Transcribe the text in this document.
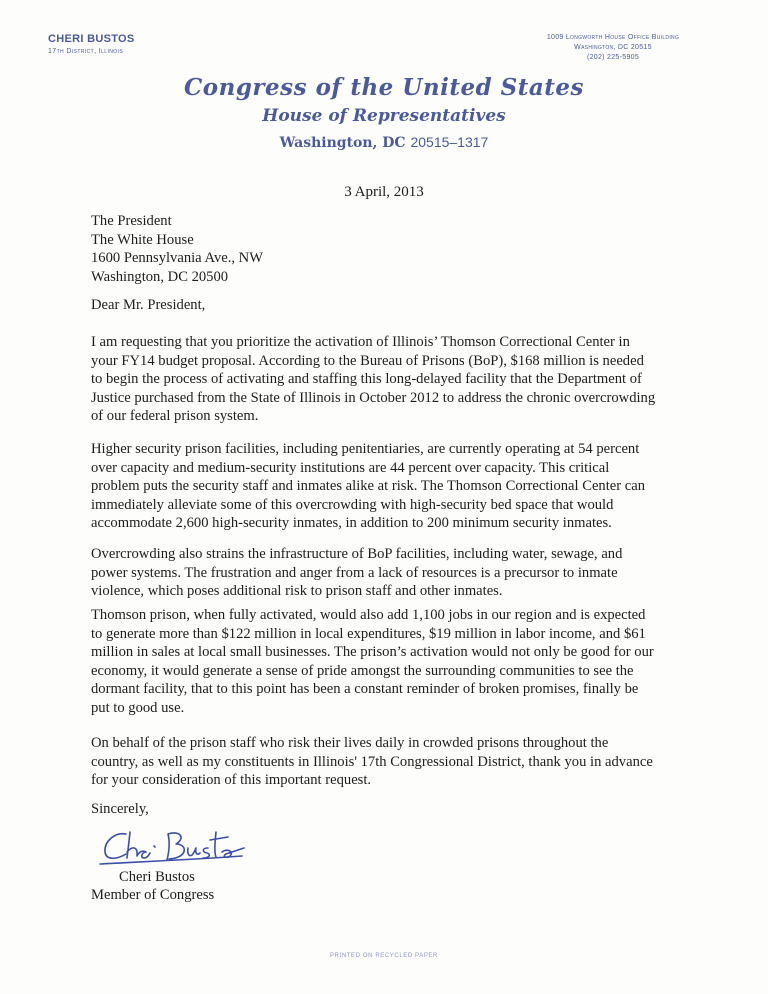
CHERI BUSTOS
17th District, Illinois
1009 Longworth House Office Building
Washington, DC 20515
(202) 225-5905
Congress of the United States
House of Representatives
Washington, DC 20515–1317
3 April, 2013
The President
The White House
1600 Pennsylvania Ave., NW
Washington, DC 20500
Dear Mr. President,
I am requesting that you prioritize the activation of Illinois’ Thomson Correctional Center in
your FY14 budget proposal. According to the Bureau of Prisons (BoP), $168 million is needed
to begin the process of activating and staffing this long-delayed facility that the Department of
Justice purchased from the State of Illinois in October 2012 to address the chronic overcrowding
of our federal prison system.
Higher security prison facilities, including penitentiaries, are currently operating at 54 percent
over capacity and medium-security institutions are 44 percent over capacity. This critical
problem puts the security staff and inmates alike at risk. The Thomson Correctional Center can
immediately alleviate some of this overcrowding with high-security bed space that would
accommodate 2,600 high-security inmates, in addition to 200 minimum security inmates.
Overcrowding also strains the infrastructure of BoP facilities, including water, sewage, and
power systems. The frustration and anger from a lack of resources is a precursor to inmate
violence, which poses additional risk to prison staff and other inmates.
Thomson prison, when fully activated, would also add 1,100 jobs in our region and is expected
to generate more than $122 million in local expenditures, $19 million in labor income, and $61
million in sales at local small businesses. The prison’s activation would not only be good for our
economy, it would generate a sense of pride amongst the surrounding communities to see the
dormant facility, that to this point has been a constant reminder of broken promises, finally be
put to good use.
On behalf of the prison staff who risk their lives daily in crowded prisons throughout the
country, as well as my constituents in Illinois' 17th Congressional District, thank you in advance
for your consideration of this important request.
Sincerely,
Cheri Bustos
Member of Congress
PRINTED ON RECYCLED PAPER
